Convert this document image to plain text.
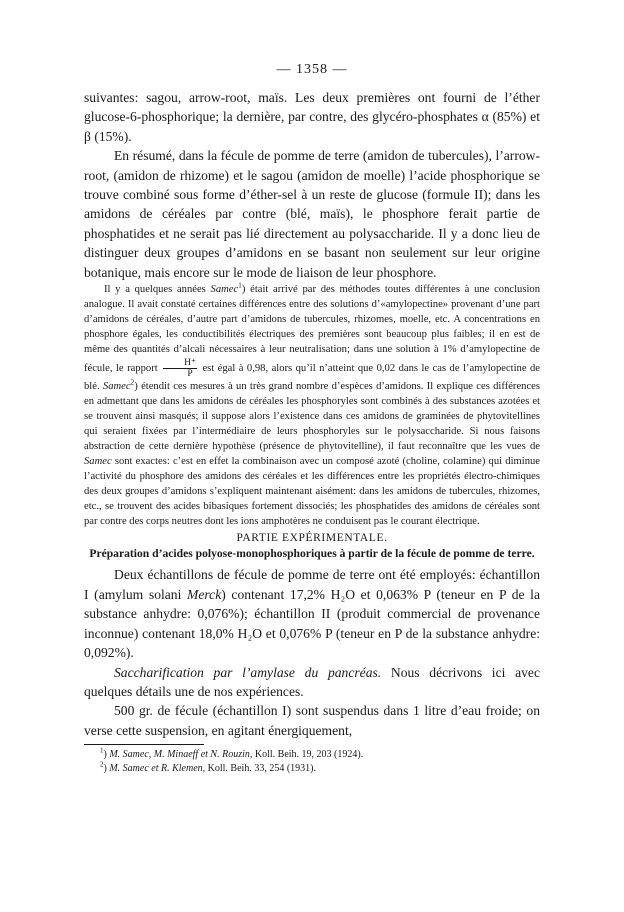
— 1358 —

suivantes: sagou, arrow-root, maïs. Les deux premières ont fourni de l’éther glucose-6-phosphorique; la dernière, par contre, des glycéro-phosphates α (85%) et β (15%).

En résumé, dans la fécule de pomme de terre (amidon de tubercules), l’arrow-root, (amidon de rhizome) et le sagou (amidon de moelle) l’acide phosphorique se trouve combiné sous forme d’éther-sel à un reste de glucose (formule II); dans les amidons de céréales par contre (blé, maïs), le phosphore ferait partie de phosphatides et ne serait pas lié directement au polysaccharide. Il y a donc lieu de distinguer deux groupes d’amidons en se basant non seulement sur leur origine botanique, mais encore sur le mode de liaison de leur phosphore.

Il y a quelques années Samec$^1$) était arrivé par des méthodes toutes différentes à une conclusion analogue. Il avait constaté certaines différences entre des solutions d’«amylopectine» provenant d’une part d’amidons de céréales, d’autre part d’amidons de tubercules, rhizomes, moelle, etc. A concentrations en phosphore égales, les conductibilités électriques des premières sont beaucoup plus faibles; il en est de même des quantités d’alcali nécessaires à leur neutralisation; dans une solution à 1% d’amylopectine de fécule, le rapport $\frac{H^+}{P}$ est égal à 0,98, alors qu’il n’atteint que 0,02 dans le cas de l’amylopectine de blé. Samec$^2$) étendit ces mesures à un très grand nombre d’espèces d’amidons. Il explique ces différences en admettant que dans les amidons de céréales les phosphoryles sont combinés à des substances azotées et se trouvent ainsi masqués; il suppose alors l’existence dans ces amidons de graminées de phytovitellines qui seraient fixées par l’intermédiaire de leurs phosphoryles sur le polysaccharide. Si nous faisons abstraction de cette dernière hypothèse (présence de phytovitelline), il faut reconnaître que les vues de Samec sont exactes: c’est en effet la combinaison avec un composé azoté (choline, colamine) qui diminue l’activité du phosphore des amidons des céréales et les différences entre les propriétés électro-chimiques des deux groupes d’amidons s’expliquent maintenant aisément: dans les amidons de tubercules, rhizomes, etc., se trouvent des acides bibasiques fortement dissociés; les phosphatides des amidons de céréales sont par contre des corps neutres dont les ions amphotères ne conduisent pas le courant électrique.

PARTIE EXPÉRIMENTALE.
Préparation d’acides polyose-monophosphoriques à partir de la fécule de pomme de terre.

Deux échantillons de fécule de pomme de terre ont été employés: échantillon I (amylum solani Merck) contenant 17,2% H₂O et 0,063% P (teneur en P de la substance anhydre: 0,076%); échantillon II (produit commercial de provenance inconnue) contenant 18,0% H₂O et 0,076% P (teneur en P de la substance anhydre: 0,092%).

Saccharification par l’amylase du pancréas. Nous décrivons ici avec quelques détails une de nos expériences.

500 gr. de fécule (échantillon I) sont suspendus dans 1 litre d’eau froide; on verse cette suspension, en agitant énergiquement,

$^1$) M. Samec, M. Minaeff et N. Rouzin, Koll. Beih. 19, 203 (1924).

$^2$) M. Samec et R. Klemen, Koll. Beih. 33, 254 (1931).
